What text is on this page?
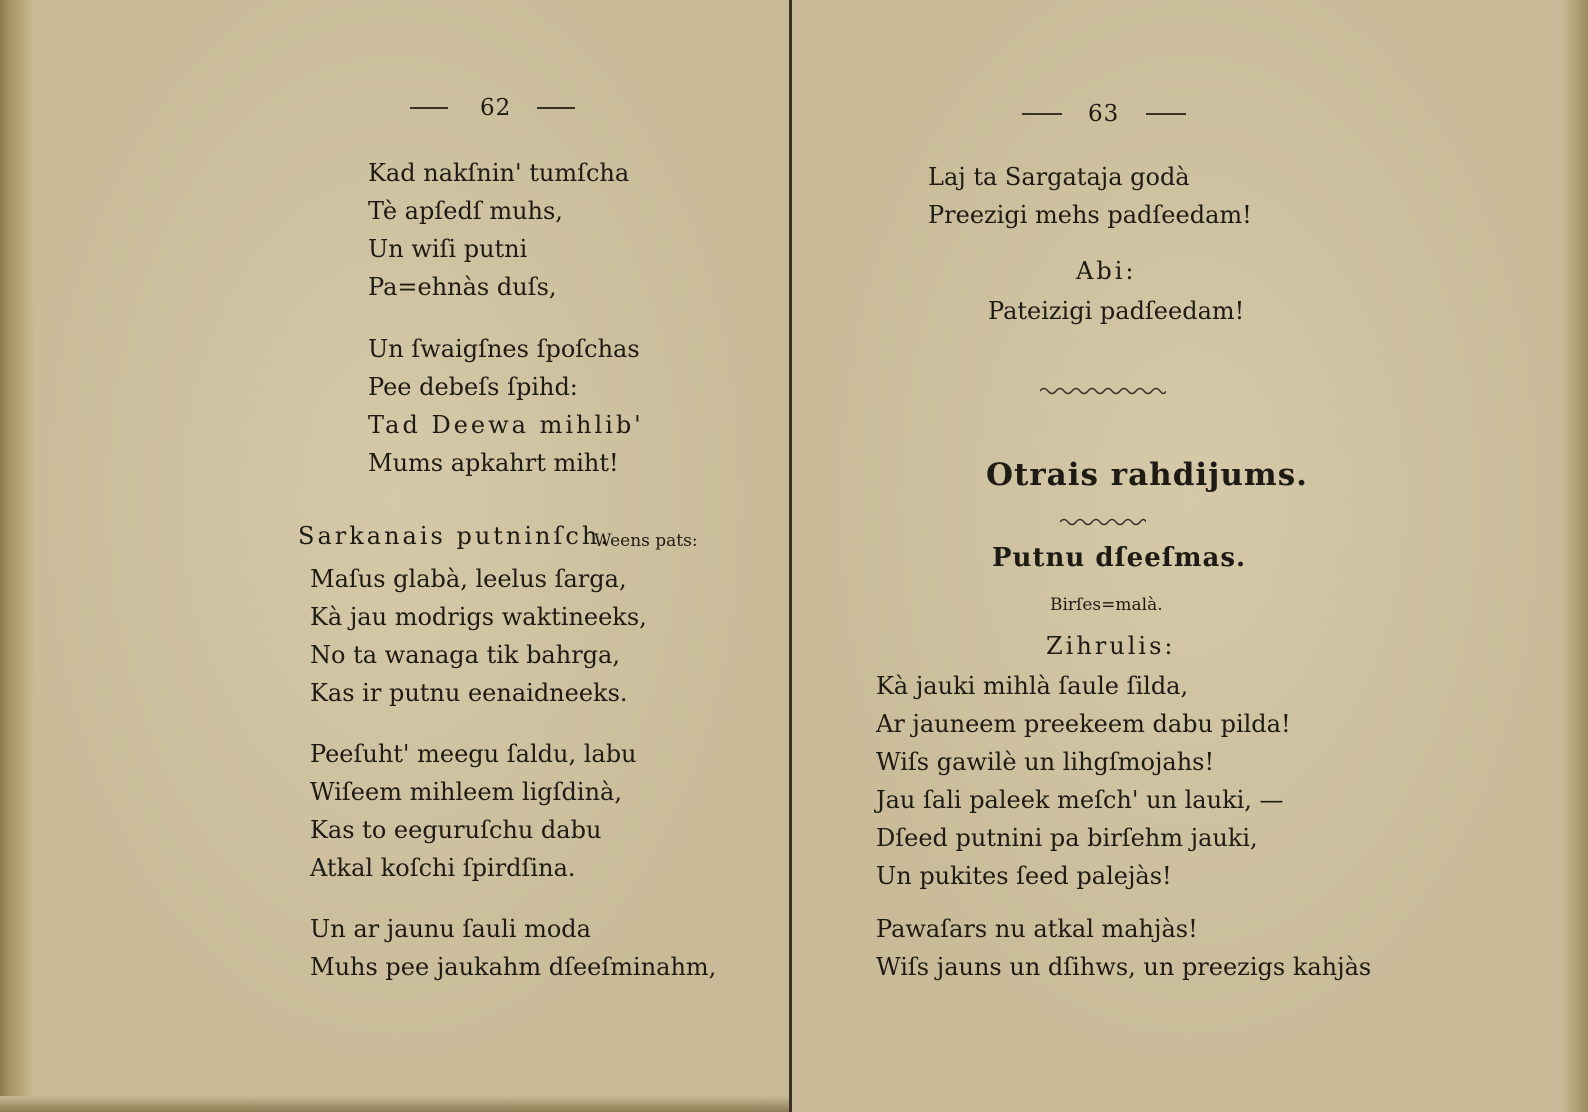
62
Kad nakſnin' tumſcha
Tè apſedſ muhs,
Un wiſi putni
Pa=ehnàs duſs,
Un ſwaigſnes ſpoſchas
Pee debeſs ſpihd:
Tad Deewa mihlib'
Mums apkahrt miht!
Sarkanais putninſch.
Weens pats:
Maſus glabà, leelus ſarga,
Kà jau modrigs waktineeks,
No ta wanaga tik bahrga,
Kas ir putnu eenaidneeks.
Peeſuht' meegu ſaldu, labu
Wiſeem mihleem ligſdinà,
Kas to eeguruſchu dabu
Atkal koſchi ſpirdſina.
Un ar jaunu ſauli moda
Muhs pee jaukahm dſeeſminahm,
63
Laj ta Sargataja godà
Preezigi mehs padſeedam!
Abi:
Pateizigi padſeedam!
Otrais rahdijums.
Putnu dſeeſmas.
Birſes=malà.
Zihrulis:
Kà jauki mihlà ſaule ſilda,
Ar jauneem preekeem dabu pilda!
Wiſs gawilè un lihgſmojahs!
Jau ſali paleek meſch' un lauki, —
Dſeed putnini pa birſehm jauki,
Un pukites ſeed palejàs!
Pawaſars nu atkal mahjàs!
Wiſs jauns un dſihws, un preezigs kahjàs
